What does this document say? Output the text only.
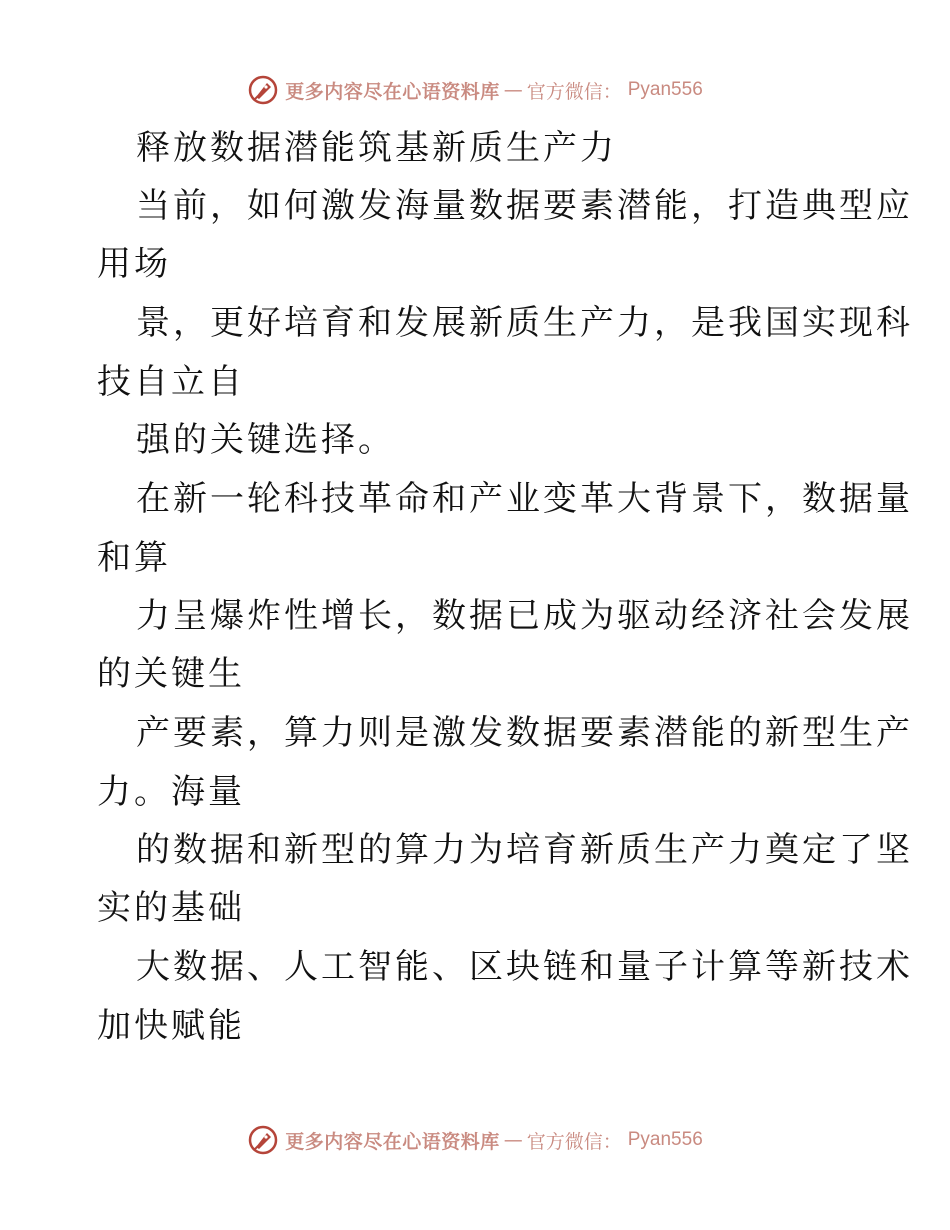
更多内容尽在心语资料库 — 官方微信： Pyan556
释放数据潜能筑基新质生产力
当前，如何激发海量数据要素潜能，打造典型应
用场
景，更好培育和发展新质生产力，是我国实现科
技自立自
强的关键选择。
在新一轮科技革命和产业变革大背景下，数据量
和算
力呈爆炸性增长，数据已成为驱动经济社会发展
的关键生
产要素，算力则是激发数据要素潜能的新型生产
力。海量
的数据和新型的算力为培育新质生产力奠定了坚
实的基础
大数据、人工智能、区块链和量子计算等新技术
加快赋能
更多内容尽在心语资料库 — 官方微信： Pyan556
